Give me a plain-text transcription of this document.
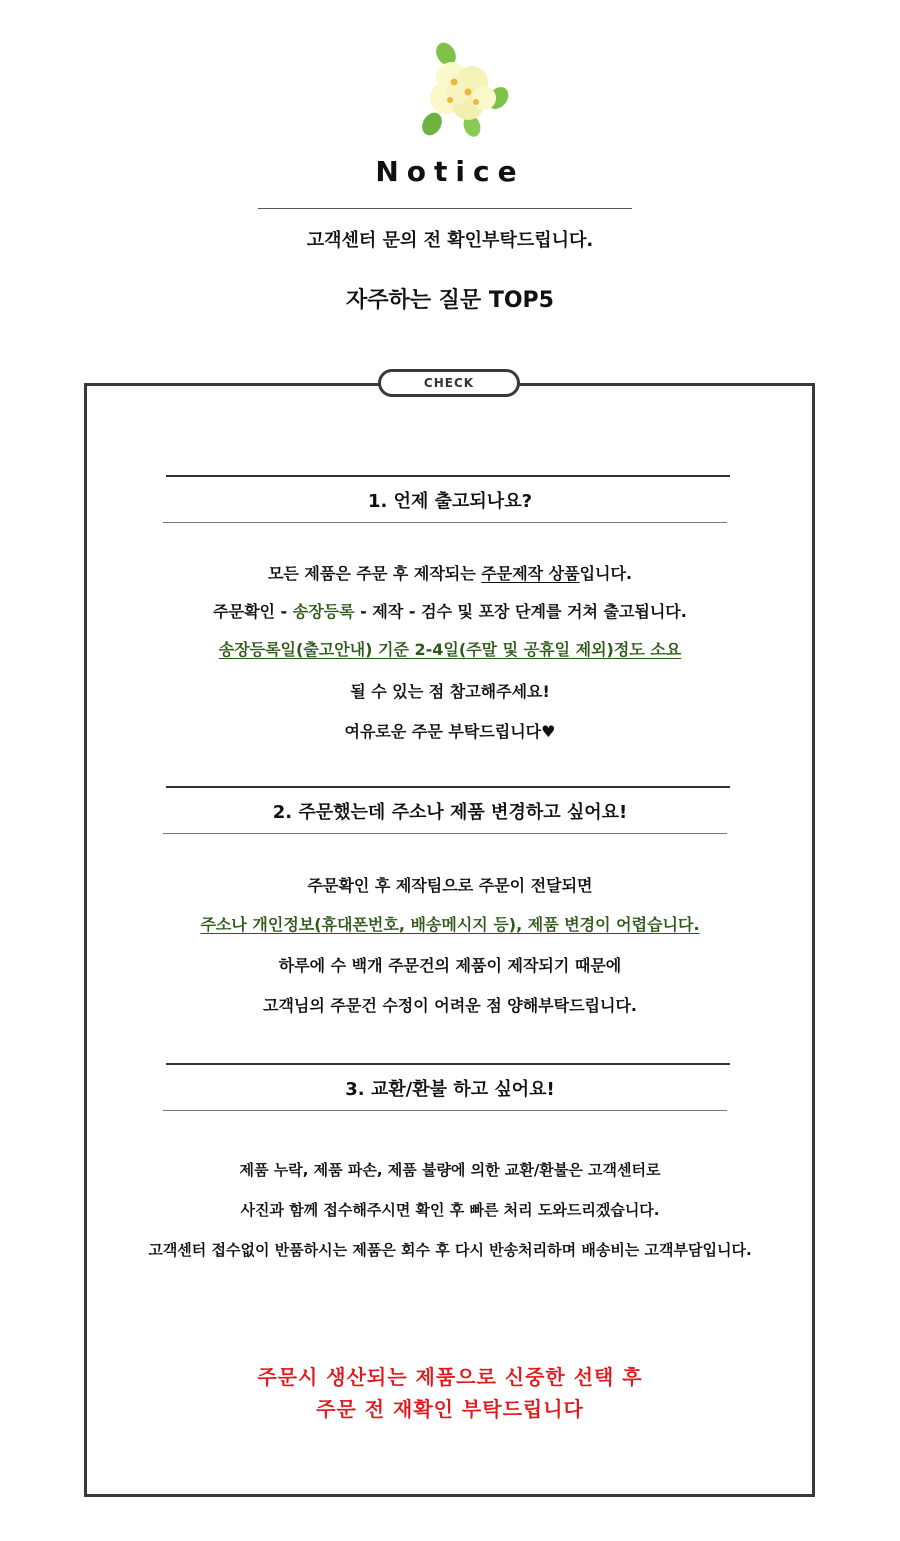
Notice
고객센터 문의 전 확인부탁드립니다.
자주하는 질문 TOP5
CHECK
1. 언제 출고되나요?
모든 제품은 주문 후 제작되는 주문제작 상품입니다.
주문확인 - 송장등록 - 제작 - 검수 및 포장 단계를 거쳐 출고됩니다.
송장등록일(출고안내) 기준 2-4일(주말 및 공휴일 제외)정도 소요
될 수 있는 점 참고해주세요!
여유로운 주문 부탁드립니다♥
2. 주문했는데 주소나 제품 변경하고 싶어요!
주문확인 후 제작팀으로 주문이 전달되면
주소나 개인정보(휴대폰번호, 배송메시지 등), 제품 변경이 어렵습니다.
하루에 수 백개 주문건의 제품이 제작되기 때문에
고객님의 주문건 수정이 어려운 점 양해부탁드립니다.
3. 교환/환불 하고 싶어요!
제품 누락, 제품 파손, 제품 불량에 의한 교환/환불은 고객센터로
사진과 함께 접수해주시면 확인 후 빠른 처리 도와드리겠습니다.
고객센터 접수없이 반품하시는 제품은 회수 후 다시 반송처리하며 배송비는 고객부담입니다.
주문시 생산되는 제품으로 신중한 선택 후
주문 전 재확인 부탁드립니다
